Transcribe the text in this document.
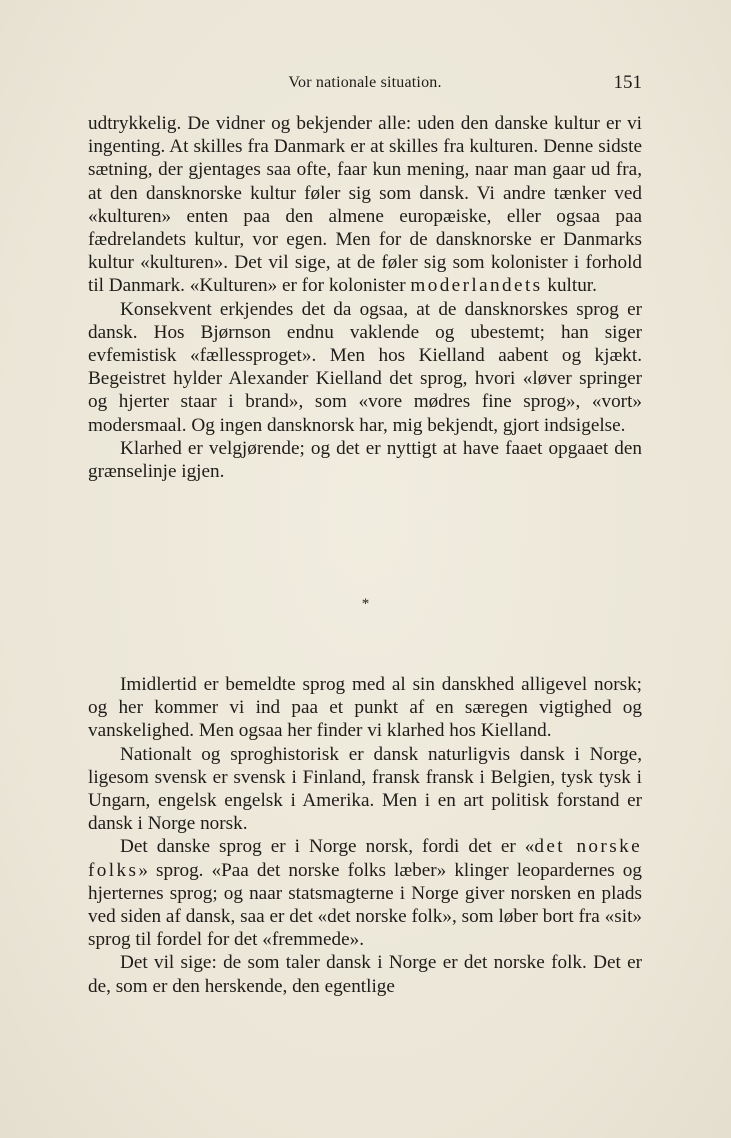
Vor nationale situation.	151

udtrykkelig. De vidner og bekjender alle: uden den danske kultur er vi ingenting. At skilles fra Danmark er at skilles fra kulturen. Denne sidste sætning, der gjentages saa ofte, faar kun mening, naar man gaar ud fra, at den dansknorske kultur føler sig som dansk. Vi andre tænker ved «kulturen» enten paa den almene europæiske, eller ogsaa paa fædrelandets kultur, vor egen. Men for de dansknorske er Danmarks kultur «kulturen». Det vil sige, at de føler sig som kolonister i forhold til Danmark. «Kulturen» er for kolonister moderlandets kultur.

Konsekvent erkjendes det da ogsaa, at de dansknorskes sprog er dansk. Hos Bjørnson endnu vaklende og ubestemt; han siger evfemistisk «fællessproget». Men hos Kielland aabent og kjækt. Begeistret hylder Alexander Kielland det sprog, hvori «løver springer og hjerter staar i brand», som «vore mødres fine sprog», «vort» modersmaal. Og ingen dansknorsk har, mig bekjendt, gjort indsigelse.

Klarhed er velgjørende; og det er nyttigt at have faaet opgaaet den grænselinje igjen.

*

Imidlertid er bemeldte sprog med al sin danskhed alligevel norsk; og her kommer vi ind paa et punkt af en særegen vigtighed og vanskelighed. Men ogsaa her finder vi klarhed hos Kielland.

Nationalt og sproghistorisk er dansk naturligvis dansk i Norge, ligesom svensk er svensk i Finland, fransk fransk i Belgien, tysk tysk i Ungarn, engelsk engelsk i Amerika. Men i en art politisk forstand er dansk i Norge norsk.

Det danske sprog er i Norge norsk, fordi det er «det norske folks» sprog. «Paa det norske folks læber» klinger leopardernes og hjerternes sprog; og naar statsmagterne i Norge giver norsken en plads ved siden af dansk, saa er det «det norske folk», som løber bort fra «sit» sprog til fordel for det «fremmede».

Det vil sige: de som taler dansk i Norge er det norske folk. Det er de, som er den herskende, den egentlige
